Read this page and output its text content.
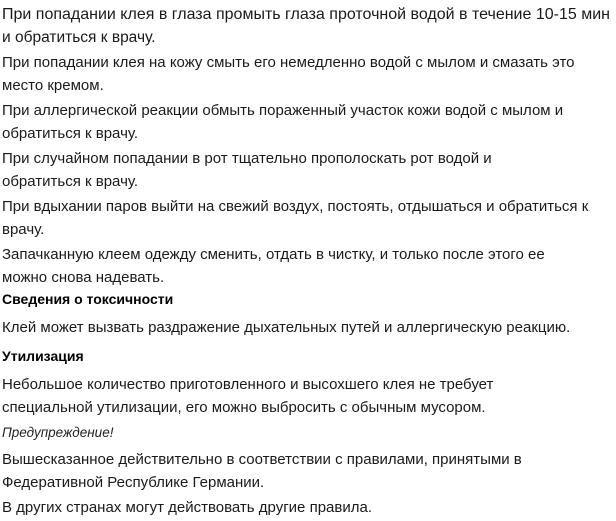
При попадании клея в глаза промыть глаза проточной водой в течение 10-15 мин
и обратиться к врачу.
При попадании клея на кожу смыть его немедленно водой с мылом и смазать это
место кремом.
При аллергической реакции обмыть пораженный участок кожи водой с мылом и
обратиться к врачу.
При случайном попадании в рот тщательно прополоскать рот водой и
обратиться к врачу.
При вдыхании паров выйти на свежий воздух, постоять, отдышаться и обратиться к
врачу.
Запачканную клеем одежду сменить, отдать в чистку, и только после этого ее
можно снова надевать.
Сведения о токсичности
Клей может вызвать раздражение дыхательных путей и аллергическую реакцию.
Утилизация
Небольшое количество приготовленного и высохшего клея не требует
специальной утилизации, его можно выбросить с обычным мусором.
Предупреждение!
Вышесказанное действительно в соответствии с правилами, принятыми в
Федеративной Республике Германии.
В других странах могут действовать другие правила.
